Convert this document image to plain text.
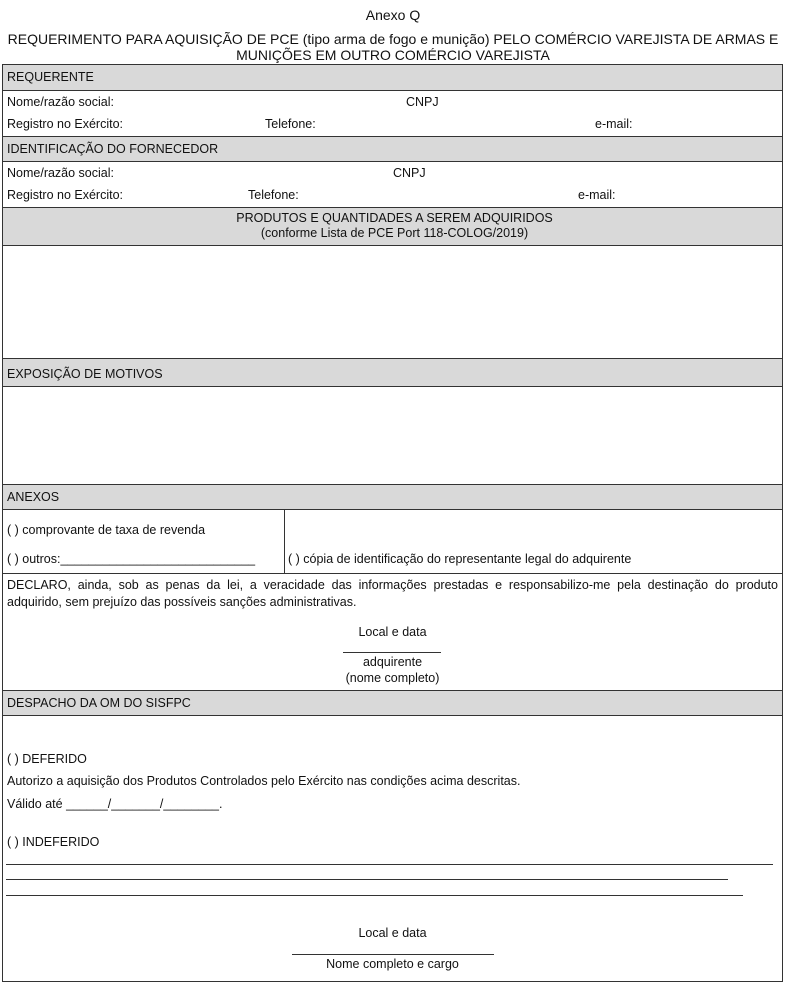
Anexo Q
REQUERIMENTO PARA AQUISIÇÃO DE PCE (tipo arma de fogo e munição) PELO COMÉRCIO VAREJISTA DE ARMAS E
MUNIÇÕES EM OUTRO COMÉRCIO VAREJISTA
REQUERENTE
Nome/razão social:	CNPJ
Registro no Exército:	Telefone:	e-mail:
IDENTIFICAÇÃO DO FORNECEDOR
Nome/razão social:	CNPJ
Registro no Exército:	Telefone:	e-mail:
PRODUTOS E QUANTIDADES A SEREM ADQUIRIDOS
(conforme Lista de PCE Port 118-COLOG/2019)
EXPOSIÇÃO DE MOTIVOS
ANEXOS
( ) comprovante de taxa de revenda
( ) outros:____________________________	( ) cópia de identificação do representante legal do adquirente
DECLARO, ainda, sob as penas da lei, a veracidade das informações prestadas e responsabilizo-me pela destinação do produto adquirido, sem prejuízo das possíveis sanções administrativas.
Local e data
adquirente
(nome completo)
DESPACHO DA OM DO SISFPC
( ) DEFERIDO
Autorizo a aquisição dos Produtos Controlados pelo Exército nas condições acima descritas.
Válido até ______/_______/________.
( ) INDEFERIDO
Local e data
Nome completo e cargo
